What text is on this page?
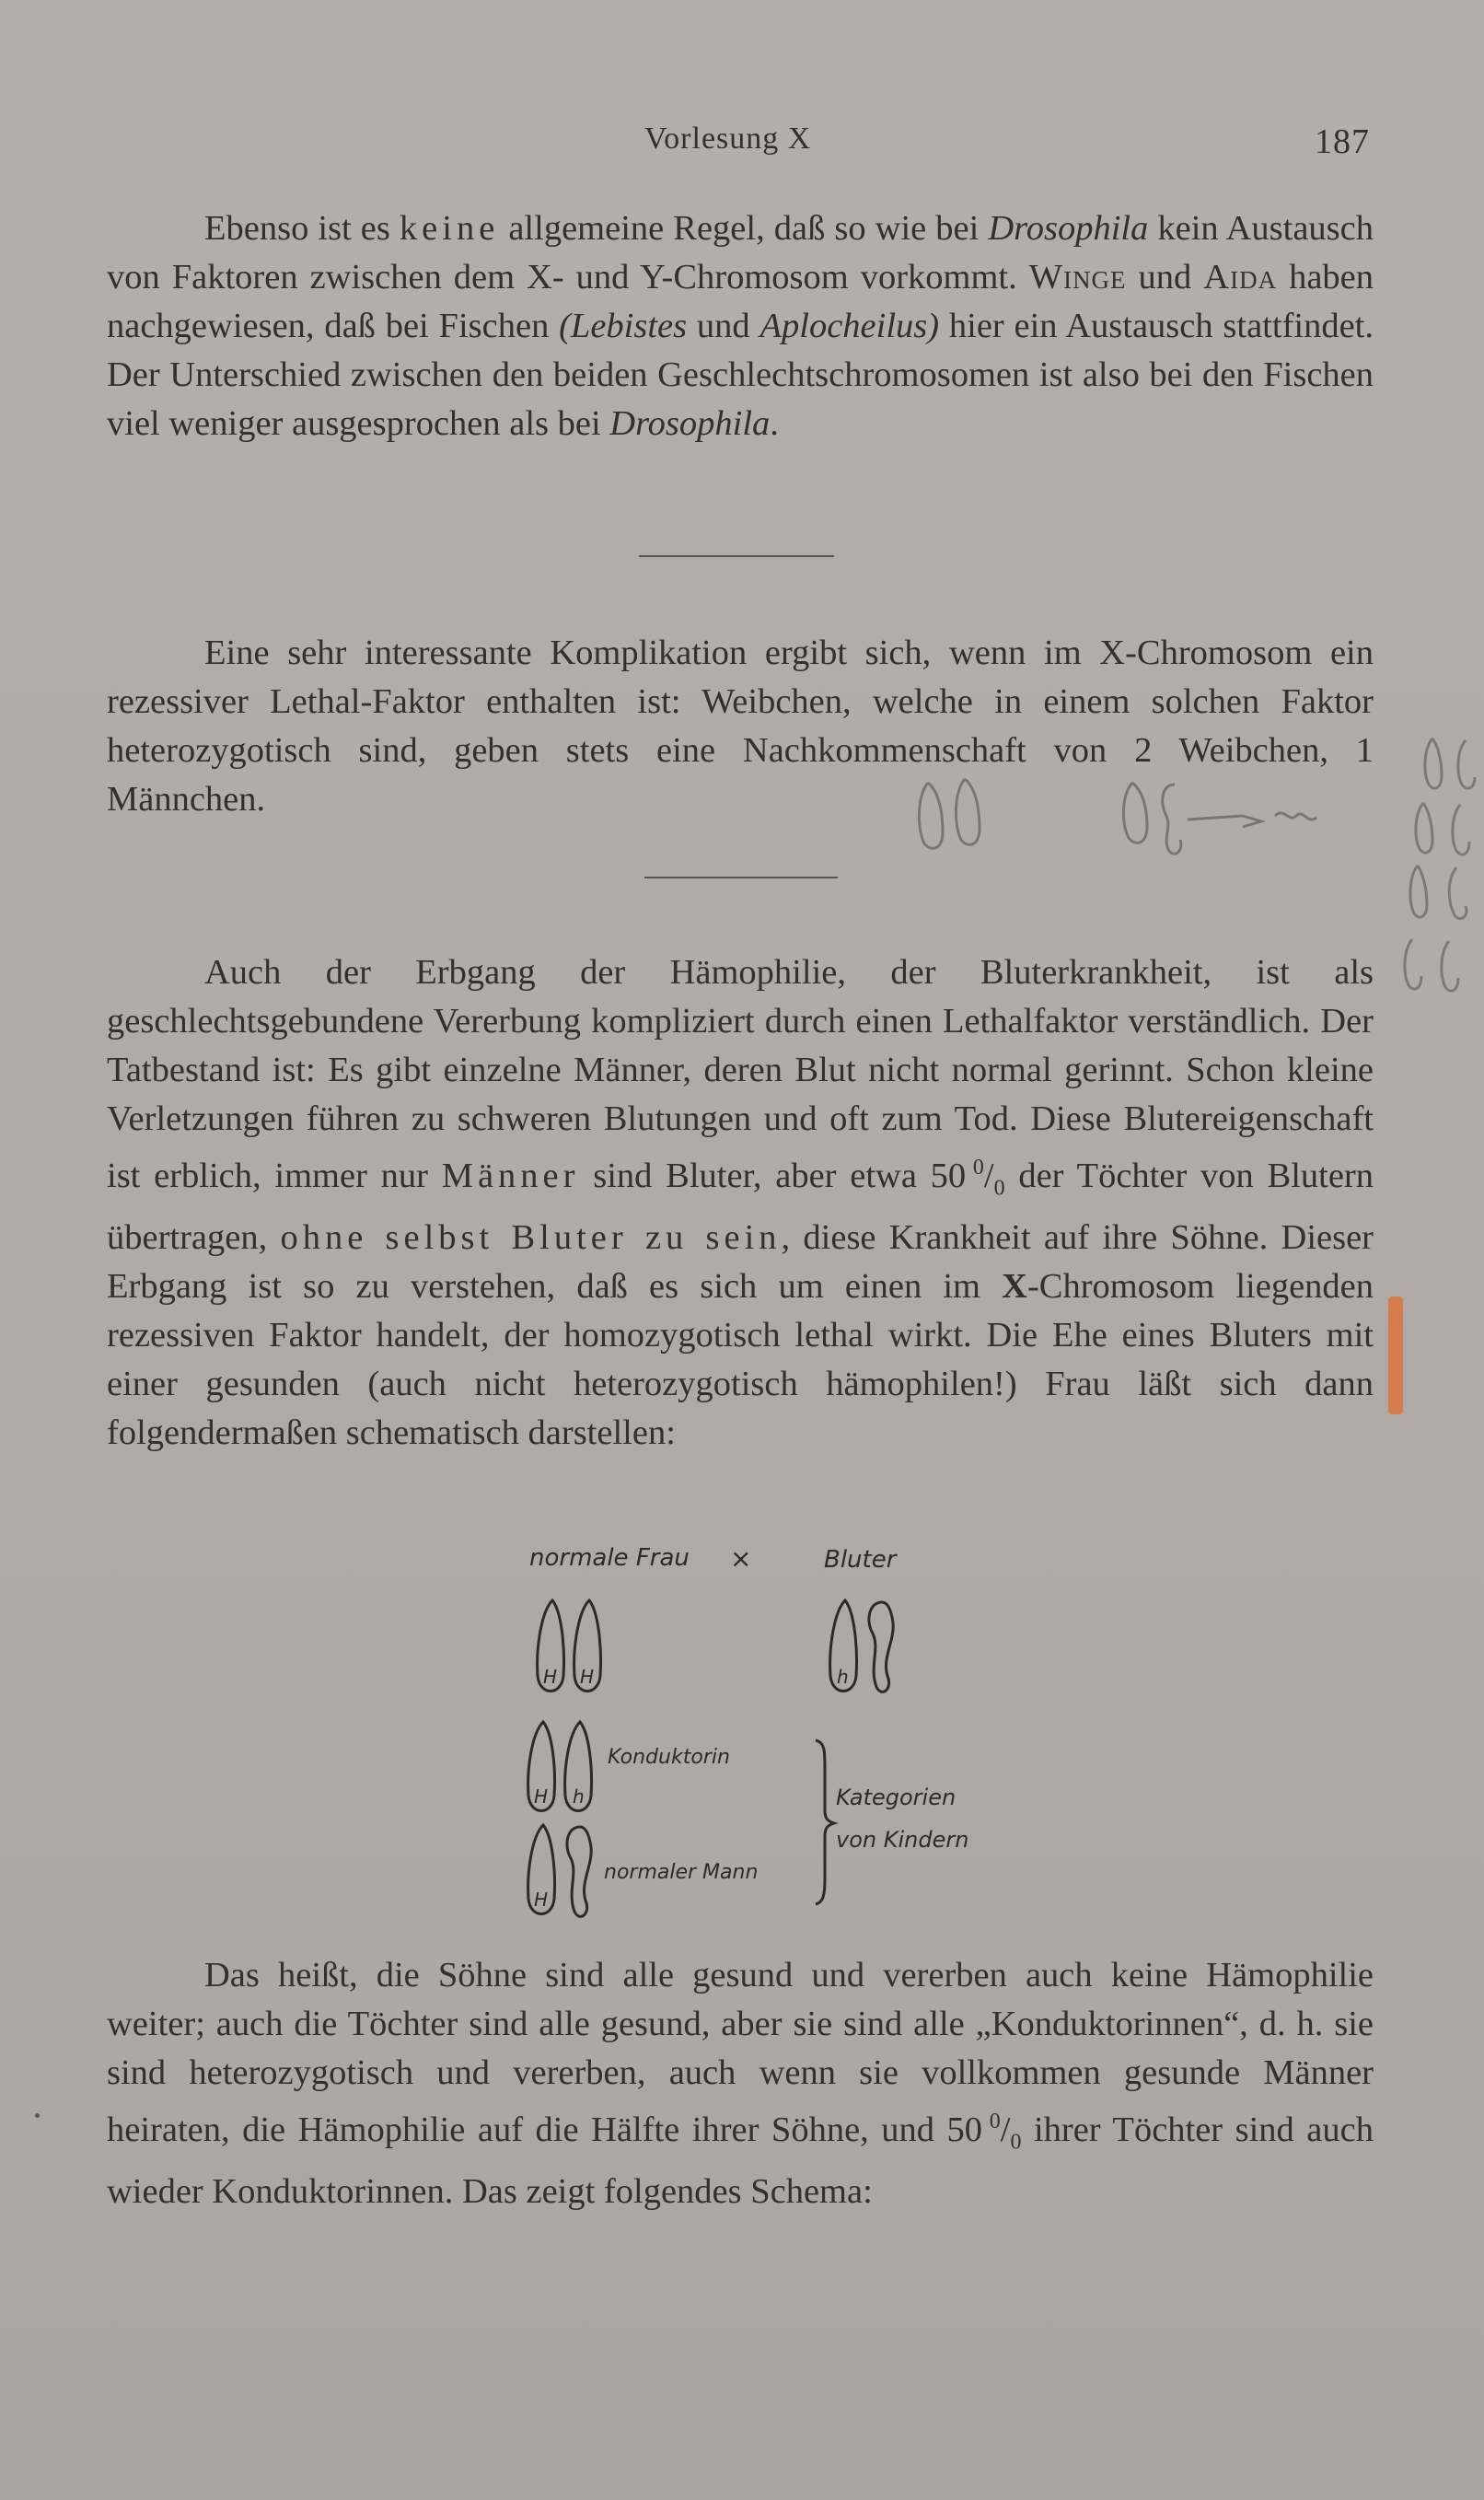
Vorlesung X	187

Ebenso ist es keine allgemeine Regel, daß so wie bei Drosophila kein Austausch von Faktoren zwischen dem X- und Y-Chromosom vorkommt. Winge und Aida haben nachgewiesen, daß bei Fischen (Lebistes und Aplocheilus) hier ein Austausch stattfindet. Der Unterschied zwischen den beiden Geschlechtschromosomen ist also bei den Fischen viel weniger ausgesprochen als bei Drosophila.

Eine sehr interessante Komplikation ergibt sich, wenn im X-Chromosom ein rezessiver Lethal-Faktor enthalten ist: Weibchen, welche in einem solchen Faktor heterozygotisch sind, geben stets eine Nachkommenschaft von 2 Weibchen, 1 Männchen.

Auch der Erbgang der Hämophilie, der Bluterkrankheit, ist als geschlechtsgebundene Vererbung kompliziert durch einen Lethalfaktor verständlich. Der Tatbestand ist: Es gibt einzelne Männer, deren Blut nicht normal gerinnt. Schon kleine Verletzungen führen zu schweren Blutungen und oft zum Tod. Diese Blutereigenschaft ist erblich, immer nur Männer sind Bluter, aber etwa 50 $^0/_0$ der Töchter von Blutern übertragen, ohne selbst Bluter zu sein, diese Krankheit auf ihre Söhne. Dieser Erbgang ist so zu verstehen, daß es sich um einen im X-Chromosom liegenden rezessiven Faktor handelt, der homozygotisch lethal wirkt. Die Ehe eines Bluters mit einer gesunden (auch nicht heterozygotisch hämophilen!) Frau läßt sich dann folgendermaßen schematisch darstellen:

normale Frau ×	Bluter
H H	h
H h
Konduktorin
H
normaler Mann
Kategorien
von Kindern

Das heißt, die Söhne sind alle gesund und vererben auch keine Hämophilie weiter; auch die Töchter sind alle gesund, aber sie sind alle „Konduktorinnen“, d. h. sie sind heterozygotisch und vererben, auch wenn sie vollkommen gesunde Männer heiraten, die Hämophilie auf die Hälfte ihrer Söhne, und 50 $^0/_0$ ihrer Töchter sind auch wieder Konduktorinnen. Das zeigt folgendes Schema:
